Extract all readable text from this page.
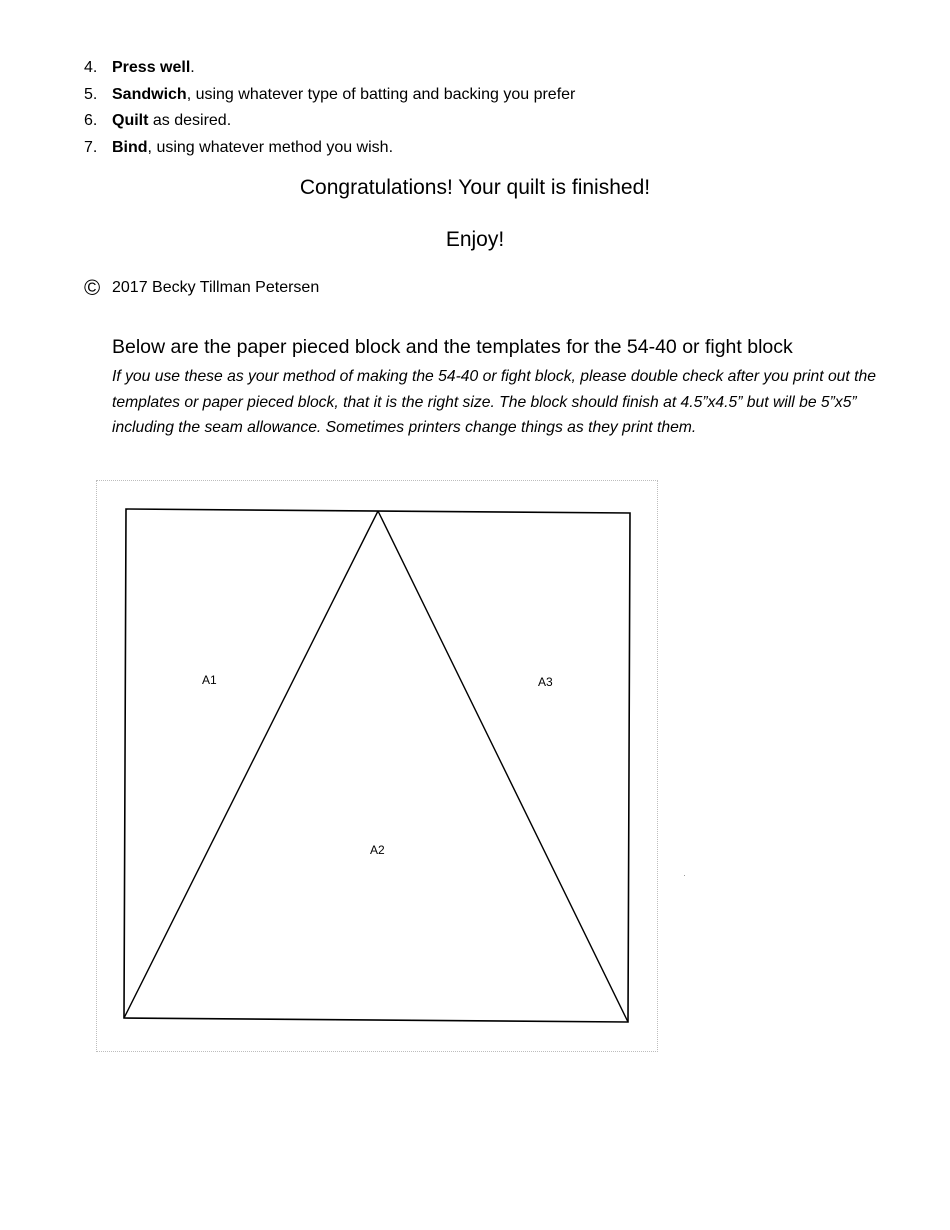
4. Press well.
5. Sandwich, using whatever type of batting and backing you prefer
6. Quilt as desired.
7. Bind, using whatever method you wish.
Congratulations! Your quilt is finished!
Enjoy!
© 2017 Becky Tillman Petersen
Below are the paper pieced block and the templates for the 54-40 or fight block

If you use these as your method of making the 54-40 or fight block, please double check after you print out the templates or paper pieced block, that it is the right size. The block should finish at 4.5”x4.5” but will be 5”x5” including the seam allowance. Sometimes printers change things as they print them.

A1	A3
A2
